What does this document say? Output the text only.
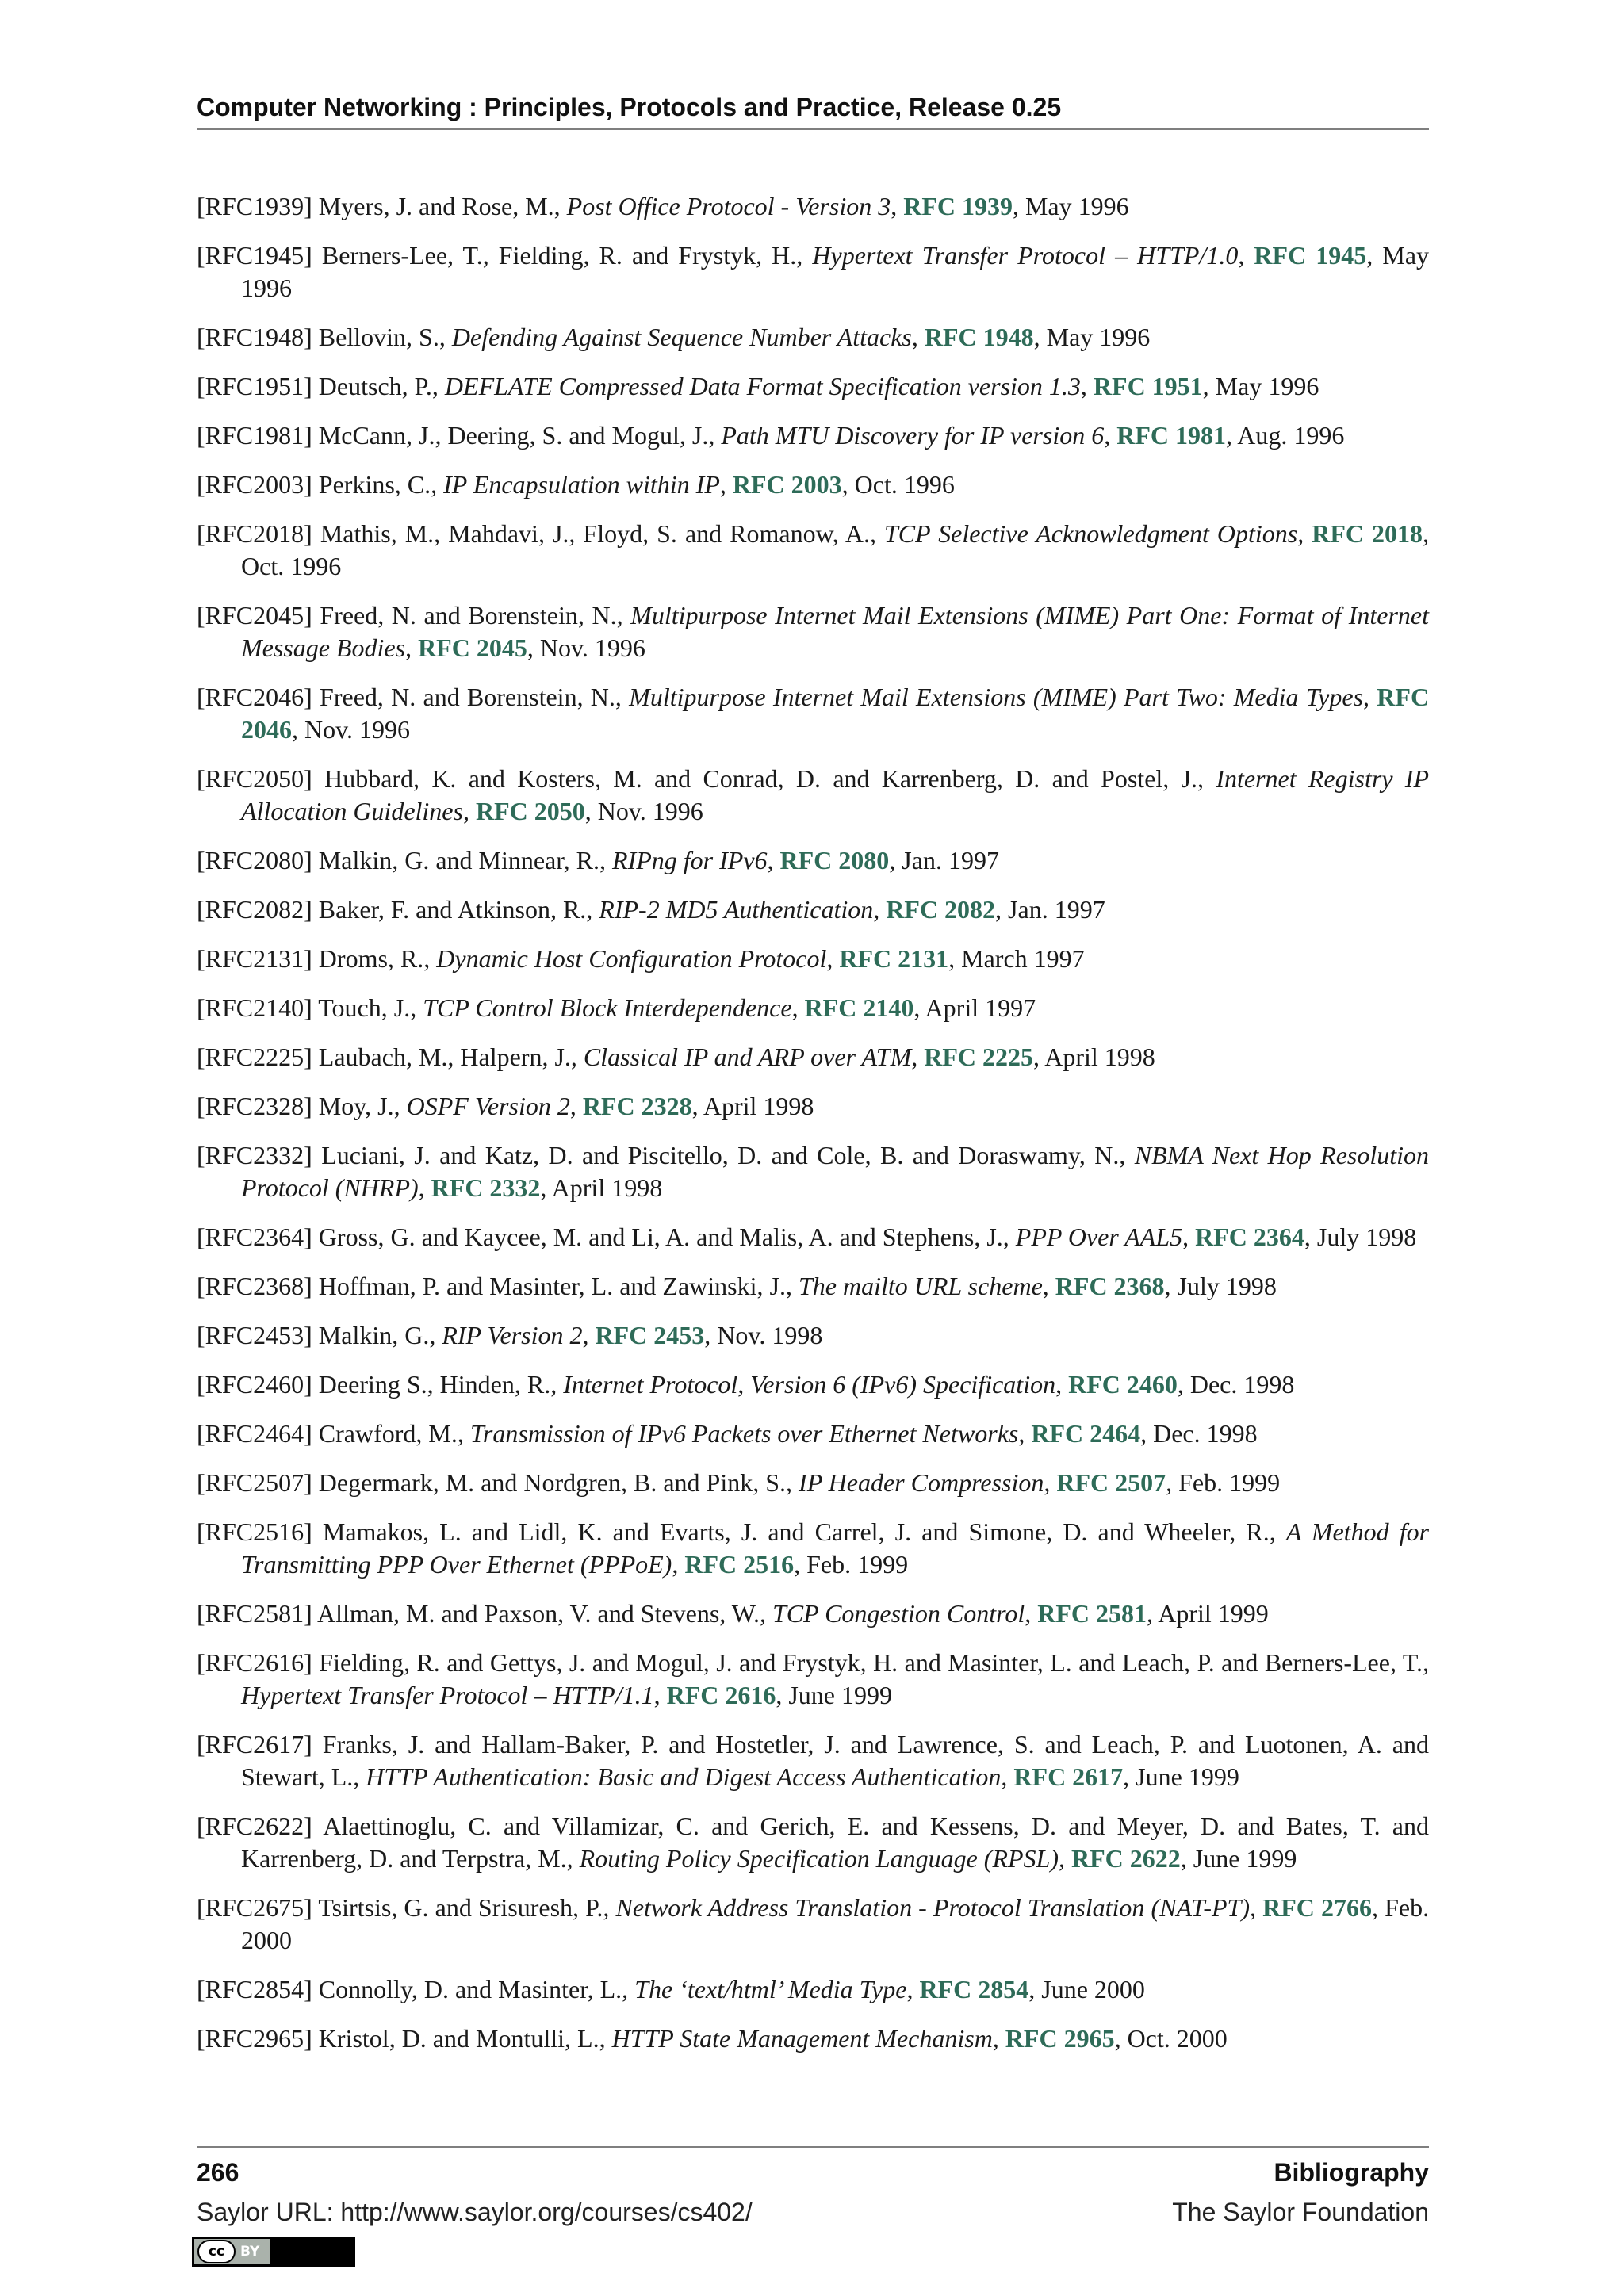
Computer Networking : Principles, Protocols and Practice, Release 0.25
[RFC1939] Myers, J. and Rose, M., Post Office Protocol - Version 3, RFC 1939, May 1996
[RFC1945] Berners-Lee, T., Fielding, R. and Frystyk, H., Hypertext Transfer Protocol – HTTP/1.0, RFC 1945, May 1996
[RFC1948] Bellovin, S., Defending Against Sequence Number Attacks, RFC 1948, May 1996
[RFC1951] Deutsch, P., DEFLATE Compressed Data Format Specification version 1.3, RFC 1951, May 1996
[RFC1981] McCann, J., Deering, S. and Mogul, J., Path MTU Discovery for IP version 6, RFC 1981, Aug. 1996
[RFC2003] Perkins, C., IP Encapsulation within IP, RFC 2003, Oct. 1996
[RFC2018] Mathis, M., Mahdavi, J., Floyd, S. and Romanow, A., TCP Selective Acknowledgment Options, RFC 2018, Oct. 1996
[RFC2045] Freed, N. and Borenstein, N., Multipurpose Internet Mail Extensions (MIME) Part One: Format of Internet Message Bodies, RFC 2045, Nov. 1996
[RFC2046] Freed, N. and Borenstein, N., Multipurpose Internet Mail Extensions (MIME) Part Two: Media Types, RFC 2046, Nov. 1996
[RFC2050] Hubbard, K. and Kosters, M. and Conrad, D. and Karrenberg, D. and Postel, J., Internet Registry IP Allocation Guidelines, RFC 2050, Nov. 1996
[RFC2080] Malkin, G. and Minnear, R., RIPng for IPv6, RFC 2080, Jan. 1997
[RFC2082] Baker, F. and Atkinson, R., RIP-2 MD5 Authentication, RFC 2082, Jan. 1997
[RFC2131] Droms, R., Dynamic Host Configuration Protocol, RFC 2131, March 1997
[RFC2140] Touch, J., TCP Control Block Interdependence, RFC 2140, April 1997
[RFC2225] Laubach, M., Halpern, J., Classical IP and ARP over ATM, RFC 2225, April 1998
[RFC2328] Moy, J., OSPF Version 2, RFC 2328, April 1998
[RFC2332] Luciani, J. and Katz, D. and Piscitello, D. and Cole, B. and Doraswamy, N., NBMA Next Hop Resolution Protocol (NHRP), RFC 2332, April 1998
[RFC2364] Gross, G. and Kaycee, M. and Li, A. and Malis, A. and Stephens, J., PPP Over AAL5, RFC 2364, July 1998
[RFC2368] Hoffman, P. and Masinter, L. and Zawinski, J., The mailto URL scheme, RFC 2368, July 1998
[RFC2453] Malkin, G., RIP Version 2, RFC 2453, Nov. 1998
[RFC2460] Deering S., Hinden, R., Internet Protocol, Version 6 (IPv6) Specification, RFC 2460, Dec. 1998
[RFC2464] Crawford, M., Transmission of IPv6 Packets over Ethernet Networks, RFC 2464, Dec. 1998
[RFC2507] Degermark, M. and Nordgren, B. and Pink, S., IP Header Compression, RFC 2507, Feb. 1999
[RFC2516] Mamakos, L. and Lidl, K. and Evarts, J. and Carrel, J. and Simone, D. and Wheeler, R., A Method for Transmitting PPP Over Ethernet (PPPoE), RFC 2516, Feb. 1999
[RFC2581] Allman, M. and Paxson, V. and Stevens, W., TCP Congestion Control, RFC 2581, April 1999
[RFC2616] Fielding, R. and Gettys, J. and Mogul, J. and Frystyk, H. and Masinter, L. and Leach, P. and Berners-Lee, T., Hypertext Transfer Protocol – HTTP/1.1, RFC 2616, June 1999
[RFC2617] Franks, J. and Hallam-Baker, P. and Hostetler, J. and Lawrence, S. and Leach, P. and Luotonen, A. and Stewart, L., HTTP Authentication: Basic and Digest Access Authentication, RFC 2617, June 1999
[RFC2622] Alaettinoglu, C. and Villamizar, C. and Gerich, E. and Kessens, D. and Meyer, D. and Bates, T. and Karrenberg, D. and Terpstra, M., Routing Policy Specification Language (RPSL), RFC 2622, June 1999
[RFC2675] Tsirtsis, G. and Srisuresh, P., Network Address Translation - Protocol Translation (NAT-PT), RFC 2766, Feb. 2000
[RFC2854] Connolly, D. and Masinter, L., The ‘text/html’ Media Type, RFC 2854, June 2000
[RFC2965] Kristol, D. and Montulli, L., HTTP State Management Mechanism, RFC 2965, Oct. 2000
266	Bibliography
Saylor URL: http://www.saylor.org/courses/cs402/	The Saylor Foundation
cc	BY
